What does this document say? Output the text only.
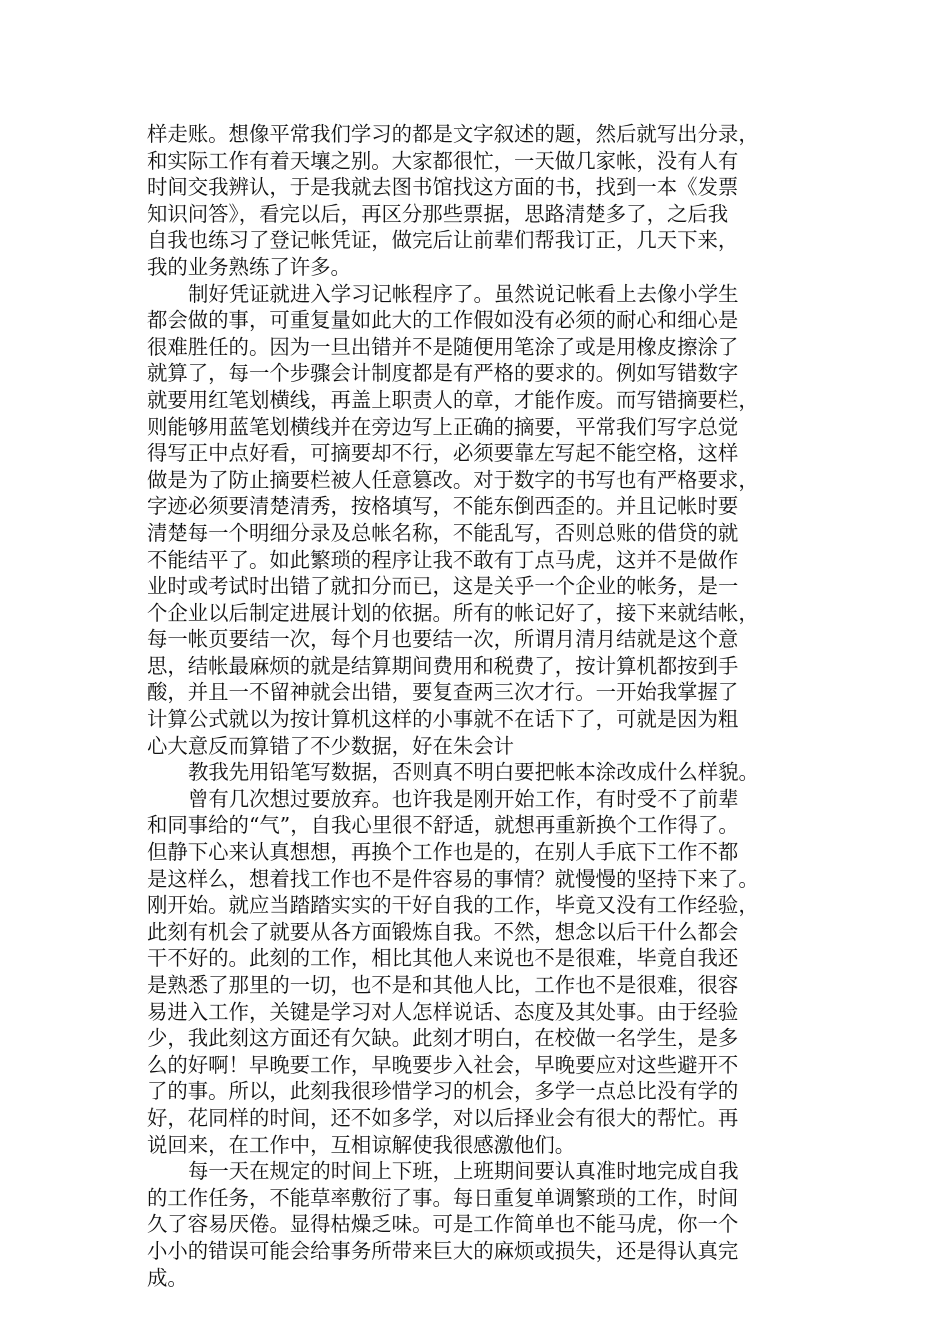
样走账。想像平常我们学习的都是文字叙述的题，然后就写出分录，
和实际工作有着天壤之别。大家都很忙，一天做几家帐，没有人有
时间交我辨认，于是我就去图书馆找这方面的书，找到一本《发票
知识问答》，看完以后，再区分那些票据，思路清楚多了，之后我
自我也练习了登记帐凭证，做完后让前辈们帮我订正，几天下来，
我的业务熟练了许多。
制好凭证就进入学习记帐程序了。虽然说记帐看上去像小学生
都会做的事，可重复量如此大的工作假如没有必须的耐心和细心是
很难胜任的。因为一旦出错并不是随便用笔涂了或是用橡皮擦涂了
就算了，每一个步骤会计制度都是有严格的要求的。例如写错数字
就要用红笔划横线，再盖上职责人的章，才能作废。而写错摘要栏，
则能够用蓝笔划横线并在旁边写上正确的摘要，平常我们写字总觉
得写正中点好看，可摘要却不行，必须要靠左写起不能空格，这样
做是为了防止摘要栏被人任意篡改。对于数字的书写也有严格要求，
字迹必须要清楚清秀，按格填写，不能东倒西歪的。并且记帐时要
清楚每一个明细分录及总帐名称，不能乱写，否则总账的借贷的就
不能结平了。如此繁琐的程序让我不敢有丁点马虎，这并不是做作
业时或考试时出错了就扣分而已，这是关乎一个企业的帐务，是一
个企业以后制定进展计划的依据。所有的帐记好了，接下来就结帐，
每一帐页要结一次，每个月也要结一次，所谓月清月结就是这个意
思，结帐最麻烦的就是结算期间费用和税费了，按计算机都按到手
酸，并且一不留神就会出错，要复查两三次才行。一开始我掌握了
计算公式就以为按计算机这样的小事就不在话下了，可就是因为粗
心大意反而算错了不少数据，好在朱会计
教我先用铅笔写数据，否则真不明白要把帐本涂改成什么样貌。
曾有几次想过要放弃。也许我是刚开始工作，有时受不了前辈
和同事给的“气”，自我心里很不舒适，就想再重新换个工作得了。
但静下心来认真想想，再换个工作也是的，在别人手底下工作不都
是这样么，想着找工作也不是件容易的事情？就慢慢的坚持下来了。
刚开始。就应当踏踏实实的干好自我的工作，毕竟又没有工作经验，
此刻有机会了就要从各方面锻炼自我。不然，想念以后干什么都会
干不好的。此刻的工作，相比其他人来说也不是很难，毕竟自我还
是熟悉了那里的一切，也不是和其他人比，工作也不是很难，很容
易进入工作，关键是学习对人怎样说话、态度及其处事。由于经验
少，我此刻这方面还有欠缺。此刻才明白，在校做一名学生，是多
么的好啊！早晚要工作，早晚要步入社会，早晚要应对这些避开不
了的事。所以，此刻我很珍惜学习的机会，多学一点总比没有学的
好，花同样的时间，还不如多学，对以后择业会有很大的帮忙。再
说回来，在工作中，互相谅解使我很感激他们。
每一天在规定的时间上下班，上班期间要认真准时地完成自我
的工作任务，不能草率敷衍了事。每日重复单调繁琐的工作，时间
久了容易厌倦。显得枯燥乏味。可是工作简单也不能马虎，你一个
小小的错误可能会给事务所带来巨大的麻烦或损失，还是得认真完
成。
